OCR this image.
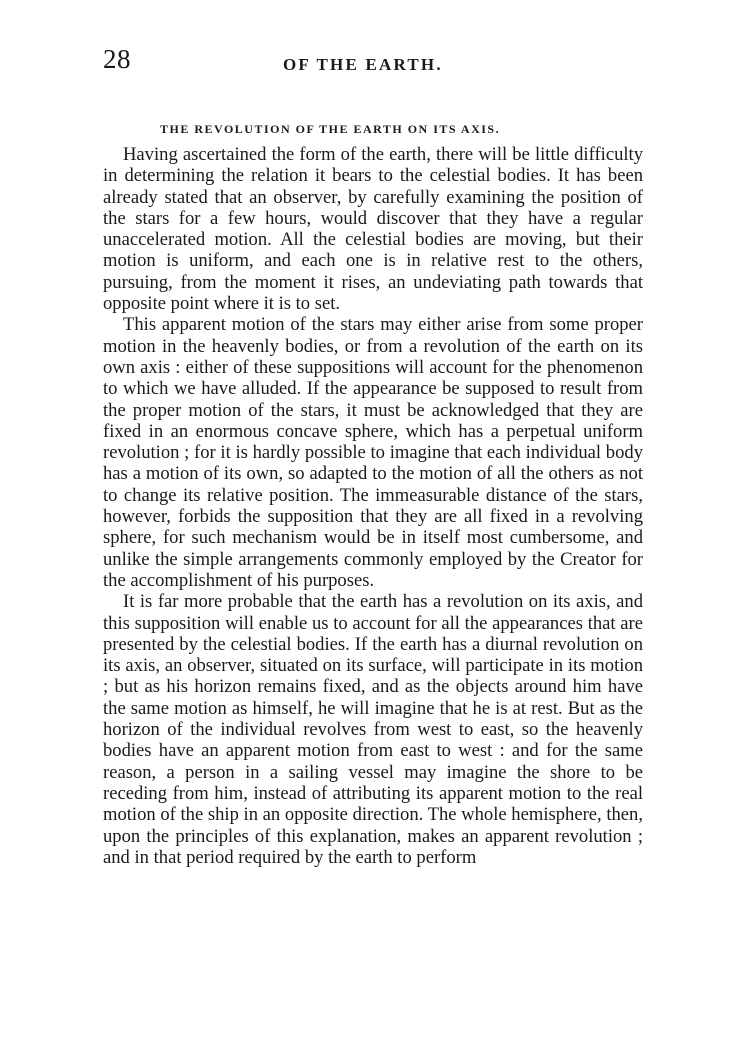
28	OF THE EARTH.
THE REVOLUTION OF THE EARTH ON ITS AXIS.

Having ascertained the form of the earth, there will be little difficulty in determining the relation it bears to the celestial bodies. It has been already stated that an observer, by carefully examining the position of the stars for a few hours, would discover that they have a regular unaccelerated motion. All the celestial bodies are moving, but their motion is uniform, and each one is in relative rest to the others, pursuing, from the moment it rises, an undeviating path towards that opposite point where it is to set.

This apparent motion of the stars may either arise from some proper motion in the heavenly bodies, or from a revolution of the earth on its own axis : either of these suppositions will account for the phenomenon to which we have alluded. If the appearance be supposed to result from the proper motion of the stars, it must be acknowledged that they are fixed in an enormous concave sphere, which has a perpetual uniform revolution ; for it is hardly possible to imagine that each individual body has a motion of its own, so adapted to the motion of all the others as not to change its relative position. The immeasurable distance of the stars, however, forbids the supposition that they are all fixed in a revolving sphere, for such mechanism would be in itself most cumbersome, and unlike the simple arrangements commonly employed by the Creator for the accomplishment of his purposes.

It is far more probable that the earth has a revolution on its axis, and this supposition will enable us to account for all the appearances that are presented by the celestial bodies. If the earth has a diurnal revolution on its axis, an observer, situated on its surface, will participate in its motion ; but as his horizon remains fixed, and as the objects around him have the same motion as himself, he will imagine that he is at rest. But as the horizon of the individual revolves from west to east, so the heavenly bodies have an apparent motion from east to west : and for the same reason, a person in a sailing vessel may imagine the shore to be receding from him, instead of attributing its apparent motion to the real motion of the ship in an opposite direction. The whole hemisphere, then, upon the principles of this explanation, makes an apparent revolution ; and in that period required by the earth to perform
